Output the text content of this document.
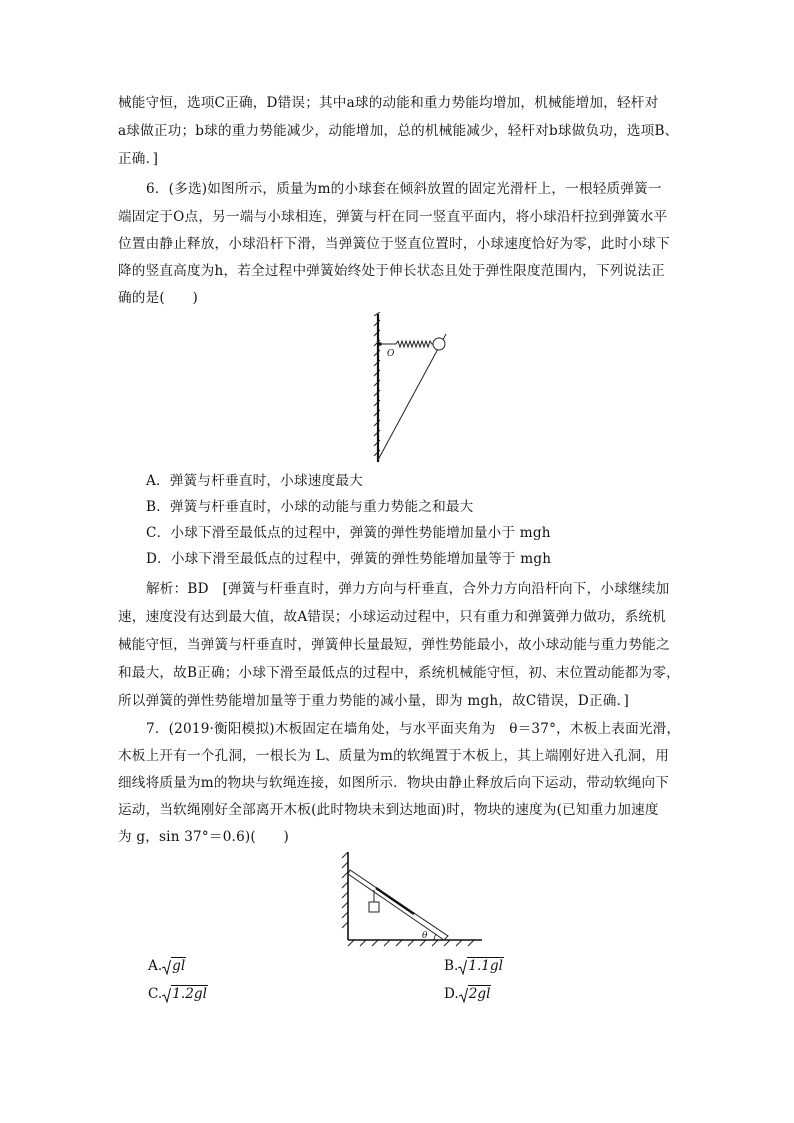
械能守恒，选项C正确，D错误；其中a球的动能和重力势能均增加，机械能增加，轻杆对
a球做正功；b球的重力势能减少，动能增加，总的机械能减少，轻杆对b球做负功，选项B、
正确．]
6．(多选)如图所示，质量为m的小球套在倾斜放置的固定光滑杆上，一根轻质弹簧一
端固定于O点，另一端与小球相连，弹簧与杆在同一竖直平面内，将小球沿杆拉到弹簧水平
位置由静止释放，小球沿杆下滑，当弹簧位于竖直位置时，小球速度恰好为零，此时小球下
降的竖直高度为h，若全过程中弹簧始终处于伸长状态且处于弹性限度范围内，下列说法正
确的是(　　)
O
A．弹簧与杆垂直时，小球速度最大
B．弹簧与杆垂直时，小球的动能与重力势能之和最大
C．小球下滑至最低点的过程中，弹簧的弹性势能增加量小于 mgh
D．小球下滑至最低点的过程中，弹簧的弹性势能增加量等于 mgh
解析：BD　[弹簧与杆垂直时，弹力方向与杆垂直，合外力方向沿杆向下，小球继续加
速，速度没有达到最大值，故A错误；小球运动过程中，只有重力和弹簧弹力做功，系统机
械能守恒，当弹簧与杆垂直时，弹簧伸长量最短，弹性势能最小，故小球动能与重力势能之
和最大，故B正确；小球下滑至最低点的过程中，系统机械能守恒，初、末位置动能都为零，
所以弹簧的弹性势能增加量等于重力势能的减小量，即为 mgh，故C错误，D正确．]
7．(2019·衡阳模拟)木板固定在墙角处，与水平面夹角为　θ＝37°，木板上表面光滑，
木板上开有一个孔洞，一根长为 L、质量为m的软绳置于木板上，其上端刚好进入孔洞，用
细线将质量为m的物块与软绳连接，如图所示．物块由静止释放后向下运动，带动软绳向下
运动，当软绳刚好全部离开木板(此时物块未到达地面)时，物块的速度为(已知重力加速度
为 g，sin 37°＝0.6)(　　)
θ
A. gl	B. 1.1gl
C. 1.2gl	D. 2gl
